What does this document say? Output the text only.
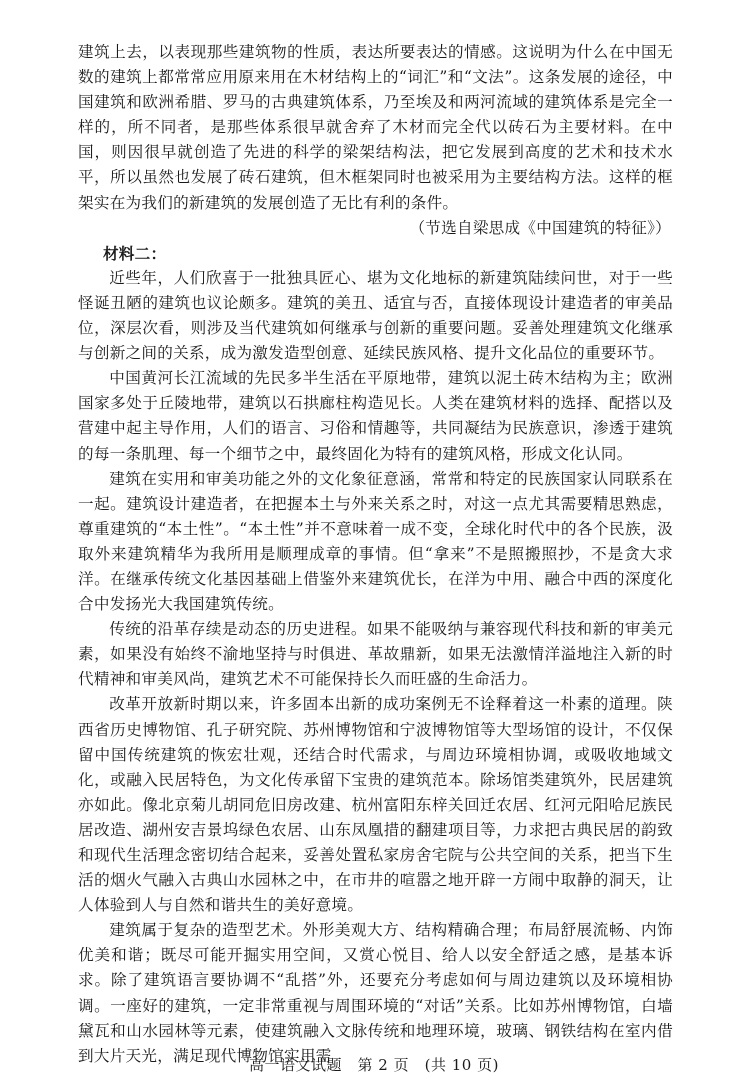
建筑上去，以表现那些建筑物的性质，表达所要表达的情感。这说明为什么在中国无数的建筑上都常常应用原来用在木材结构上的“词汇”和“文法”。这条发展的途径，中国建筑和欧洲希腊、罗马的古典建筑体系，乃至埃及和两河流域的建筑体系是完全一样的，所不同者，是那些体系很早就舍弃了木材而完全代以砖石为主要材料。在中国，则因很早就创造了先进的科学的梁架结构法，把它发展到高度的艺术和技术水平，所以虽然也发展了砖石建筑，但木框架同时也被采用为主要结构方法。这样的框架实在为我们的新建筑的发展创造了无比有利的条件。

（节选自梁思成《中国建筑的特征》）

材料二：

近些年，人们欣喜于一批独具匠心、堪为文化地标的新建筑陆续问世，对于一些怪诞丑陋的建筑也议论颇多。建筑的美丑、适宜与否，直接体现设计建造者的审美品位，深层次看，则涉及当代建筑如何继承与创新的重要问题。妥善处理建筑文化继承与创新之间的关系，成为激发造型创意、延续民族风格、提升文化品位的重要环节。

中国黄河长江流域的先民多半生活在平原地带，建筑以泥土砖木结构为主；欧洲国家多处于丘陵地带，建筑以石拱廊柱构造见长。人类在建筑材料的选择、配搭以及营建中起主导作用，人们的语言、习俗和情趣等，共同凝结为民族意识，渗透于建筑的每一条肌理、每一个细节之中，最终固化为特有的建筑风格，形成文化认同。

建筑在实用和审美功能之外的文化象征意涵，常常和特定的民族国家认同联系在一起。建筑设计建造者，在把握本土与外来关系之时，对这一点尤其需要精思熟虑，尊重建筑的“本土性”。“本土性”并不意味着一成不变，全球化时代中的各个民族，汲取外来建筑精华为我所用是顺理成章的事情。但“拿来”不是照搬照抄，不是贪大求洋。在继承传统文化基因基础上借鉴外来建筑优长，在洋为中用、融合中西的深度化合中发扬光大我国建筑传统。

传统的沿革存续是动态的历史进程。如果不能吸纳与兼容现代科技和新的审美元素，如果没有始终不渝地坚持与时俱进、革故鼎新，如果无法激情洋溢地注入新的时代精神和审美风尚，建筑艺术不可能保持长久而旺盛的生命活力。

改革开放新时期以来，许多固本出新的成功案例无不诠释着这一朴素的道理。陕西省历史博物馆、孔子研究院、苏州博物馆和宁波博物馆等大型场馆的设计，不仅保留中国传统建筑的恢宏壮观，还结合时代需求，与周边环境相协调，或吸收地域文化，或融入民居特色，为文化传承留下宝贵的建筑范本。除场馆类建筑外，民居建筑亦如此。像北京菊儿胡同危旧房改建、杭州富阳东梓关回迁农居、红河元阳哈尼族民居改造、湖州安吉景坞绿色农居、山东凤凰措的翻建项目等，力求把古典民居的韵致和现代生活理念密切结合起来，妥善处置私家房舍宅院与公共空间的关系，把当下生活的烟火气融入古典山水园林之中，在市井的喧嚣之地开辟一方闹中取静的洞天，让人体验到人与自然和谐共生的美好意境。

建筑属于复杂的造型艺术。外形美观大方、结构精确合理；布局舒展流畅、内饰优美和谐；既尽可能开掘实用空间，又赏心悦目、给人以安全舒适之感，是基本诉求。除了建筑语言要协调不“乱搭”外，还要充分考虑如何与周边建筑以及环境相协调。一座好的建筑，一定非常重视与周围环境的“对话”关系。比如苏州博物馆，白墙黛瓦和山水园林等元素，使建筑融入文脉传统和地理环境，玻璃、钢铁结构在室内借到大片天光，满足现代博物馆实用需

高一语文试题　第 2 页　(共 10 页)
